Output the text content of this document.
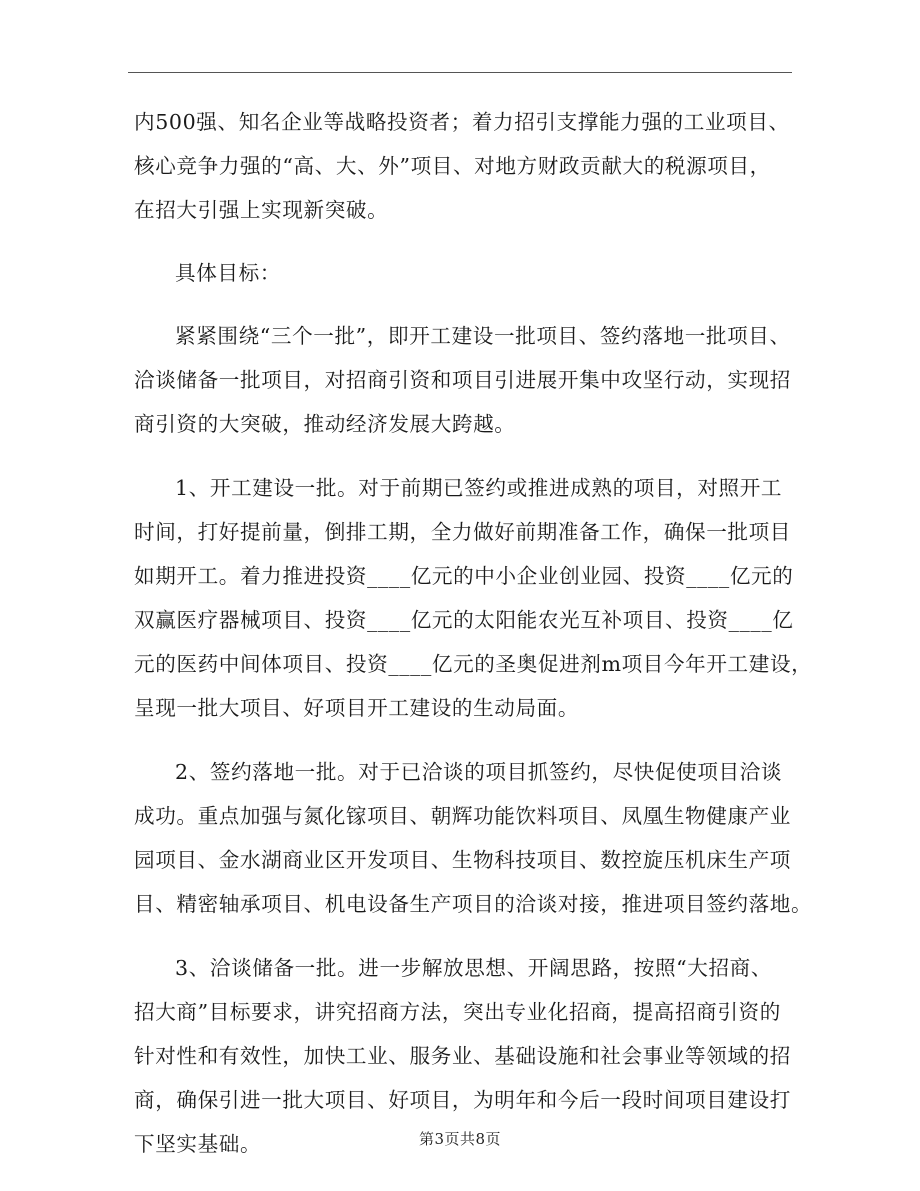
内500强、知名企业等战略投资者；着力招引支撑能力强的工业项目、
核心竞争力强的“高、大、外”项目、对地方财政贡献大的税源项目，
在招大引强上实现新突破。
具体目标：
紧紧围绕“三个一批”，即开工建设一批项目、签约落地一批项目、
洽谈储备一批项目，对招商引资和项目引进展开集中攻坚行动，实现招
商引资的大突破，推动经济发展大跨越。
1、开工建设一批。对于前期已签约或推进成熟的项目，对照开工
时间，打好提前量，倒排工期，全力做好前期准备工作，确保一批项目
如期开工。着力推进投资____亿元的中小企业创业园、投资____亿元的
双赢医疗器械项目、投资____亿元的太阳能农光互补项目、投资____亿
元的医药中间体项目、投资____亿元的圣奥促进剂m项目今年开工建设，
呈现一批大项目、好项目开工建设的生动局面。
2、签约落地一批。对于已洽谈的项目抓签约，尽快促使项目洽谈
成功。重点加强与氮化镓项目、朝辉功能饮料项目、凤凰生物健康产业
园项目、金水湖商业区开发项目、生物科技项目、数控旋压机床生产项
目、精密轴承项目、机电设备生产项目的洽谈对接，推进项目签约落地。
3、洽谈储备一批。进一步解放思想、开阔思路，按照“大招商、
招大商”目标要求，讲究招商方法，突出专业化招商，提高招商引资的
针对性和有效性，加快工业、服务业、基础设施和社会事业等领域的招
商，确保引进一批大项目、好项目，为明年和今后一段时间项目建设打
下坚实基础。	第3页共8页
